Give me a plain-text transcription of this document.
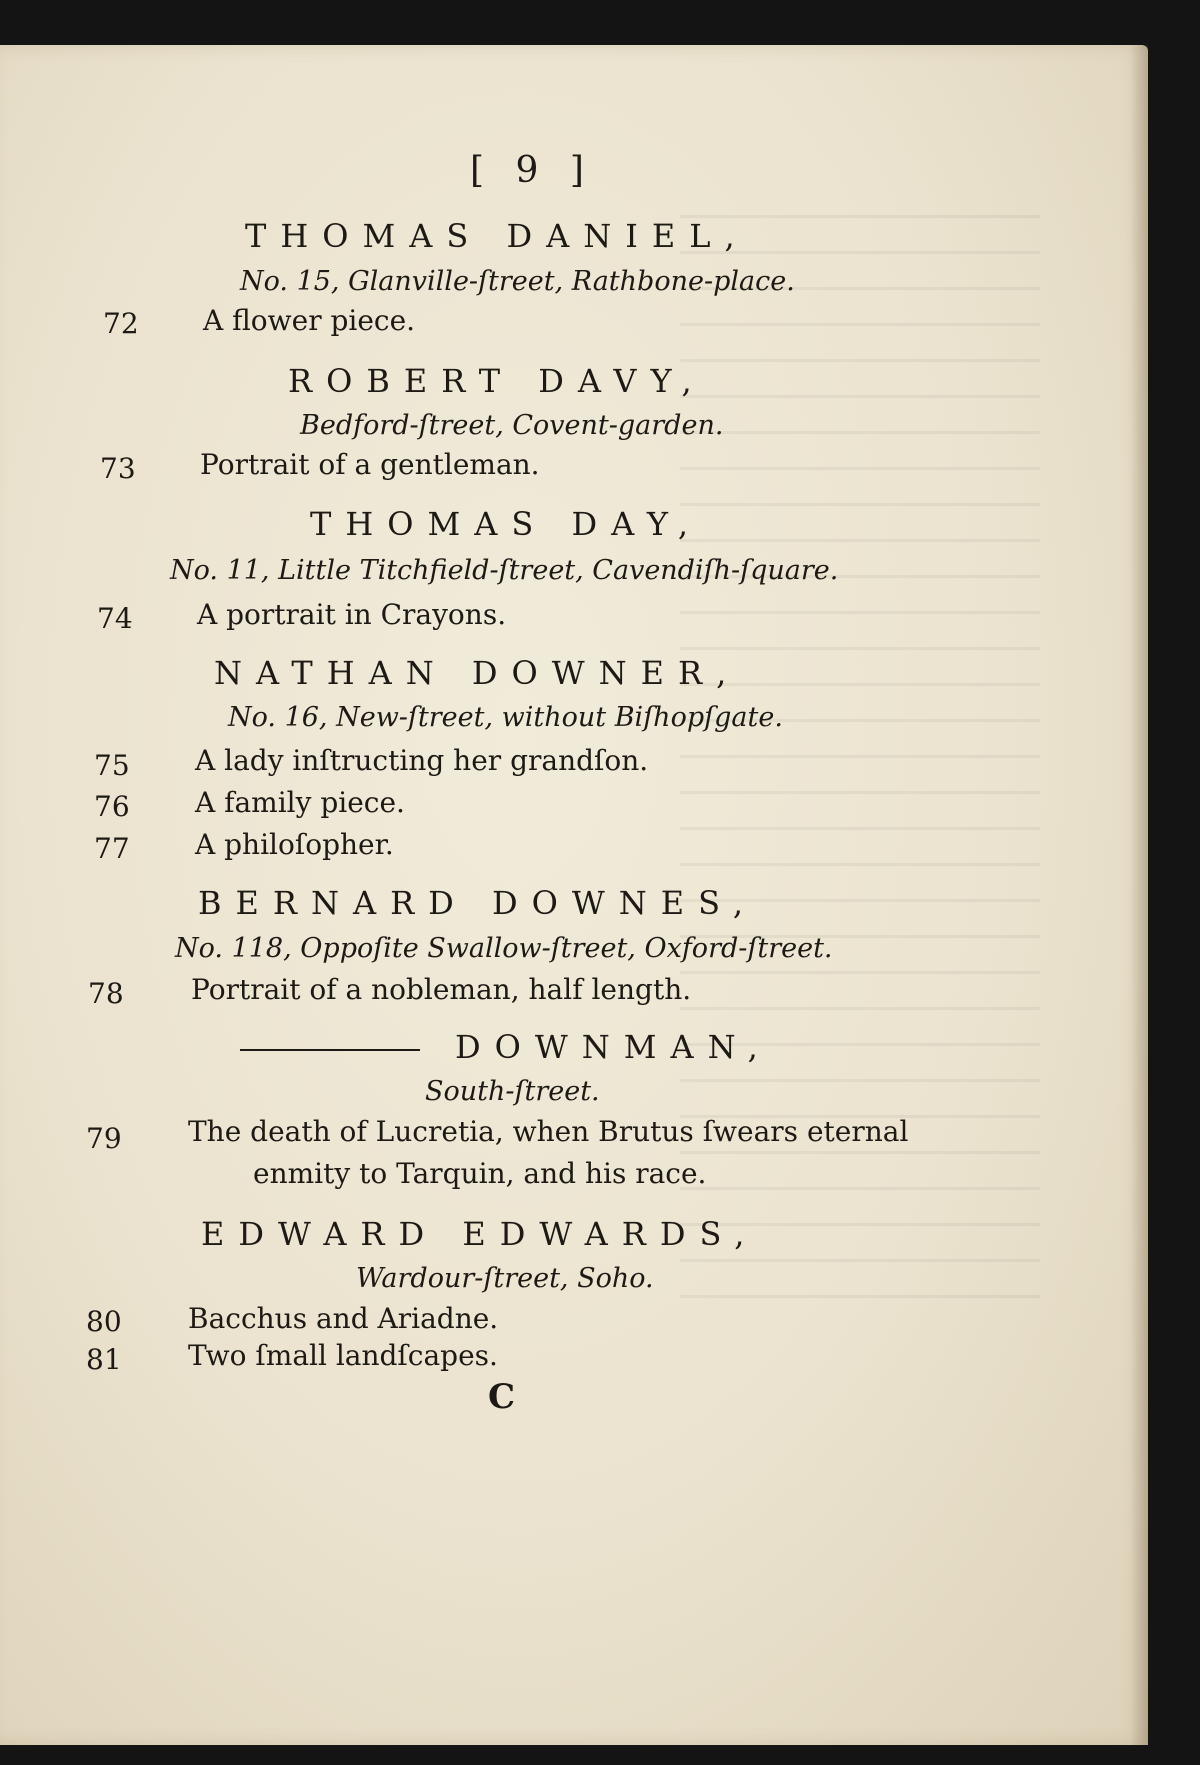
[ 9 ]
THOMAS DANIEL,
No. 15, Glanville-ſtreet, Rathbone-place.
72 A flower piece.
ROBERT DAVY,
Bedford-ſtreet, Covent-garden.
73 Portrait of a gentleman.
THOMAS DAY,
No. 11, Little Titchfield-ſtreet, Cavendiſh-ſquare.
74 A portrait in Crayons.
NATHAN DOWNER,
No. 16, New-ſtreet, without Biſhopſgate.
75 A lady inſtructing her grandſon.
76 A family piece.
77 A philoſopher.
BERNARD DOWNES,
No. 118, Oppoſite Swallow-ſtreet, Oxford-ſtreet.
78 Portrait of a nobleman, half length.
DOWNMAN,
South-ſtreet.
79 The death of Lucretia, when Brutus ſwears eternal
enmity to Tarquin, and his race.
EDWARD EDWARDS,
Wardour-ſtreet, Soho.
80 Bacchus and Ariadne.
81 Two ſmall landſcapes.
C
